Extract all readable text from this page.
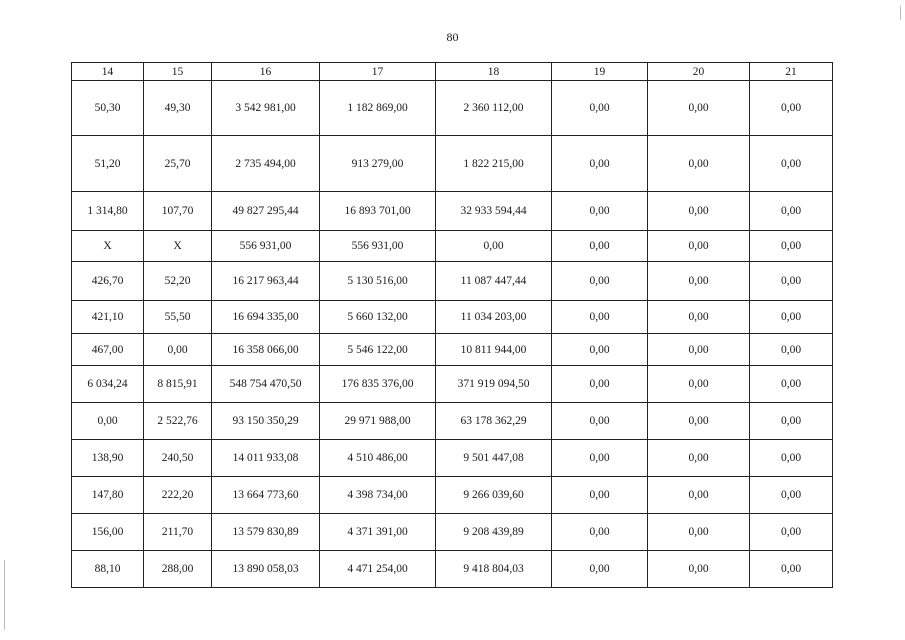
80
14	15	16	17	18	19	20	21
50,30	49,30	3 542 981,00	1 182 869,00	2 360 112,00	0,00	0,00	0,00
51,20	25,70	2 735 494,00	913 279,00	1 822 215,00	0,00	0,00	0,00
1 314,80	107,70	49 827 295,44	16 893 701,00	32 933 594,44	0,00	0,00	0,00
X	X	556 931,00	556 931,00	0,00	0,00	0,00	0,00
426,70	52,20	16 217 963,44	5 130 516,00	11 087 447,44	0,00	0,00	0,00
421,10	55,50	16 694 335,00	5 660 132,00	11 034 203,00	0,00	0,00	0,00
467,00	0,00	16 358 066,00	5 546 122,00	10 811 944,00	0,00	0,00	0,00
6 034,24	8 815,91	548 754 470,50	176 835 376,00	371 919 094,50	0,00	0,00	0,00
0,00	2 522,76	93 150 350,29	29 971 988,00	63 178 362,29	0,00	0,00	0,00
138,90	240,50	14 011 933,08	4 510 486,00	9 501 447,08	0,00	0,00	0,00
147,80	222,20	13 664 773,60	4 398 734,00	9 266 039,60	0,00	0,00	0,00
156,00	211,70	13 579 830,89	4 371 391,00	9 208 439,89	0,00	0,00	0,00
88,10	288,00	13 890 058,03	4 471 254,00	9 418 804,03	0,00	0,00	0,00
